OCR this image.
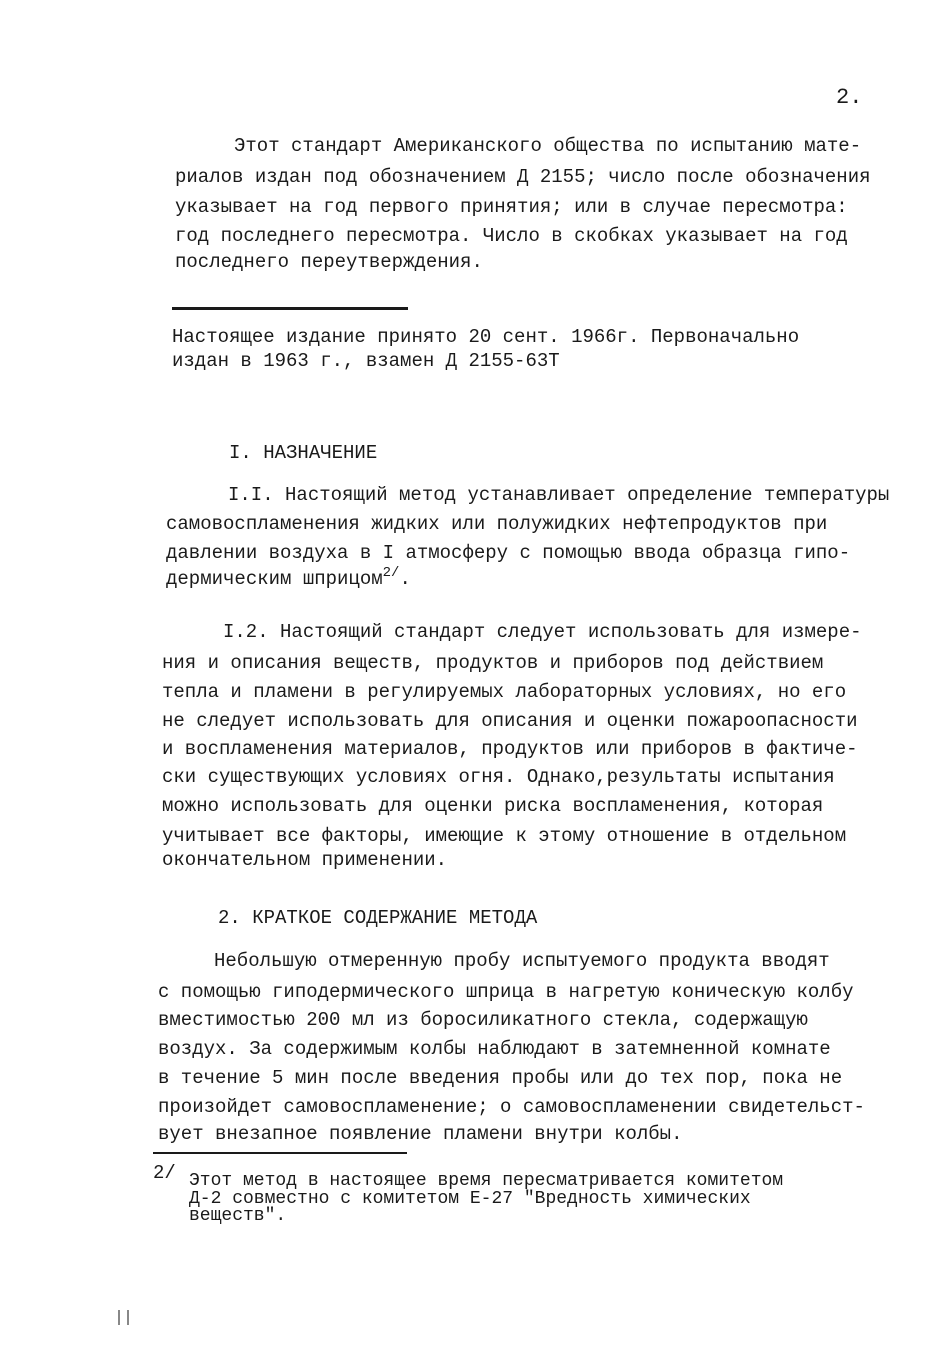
2.
Этот стандарт Американского общества по испытанию мате-
риалов издан под обозначением Д 2155; число после обозначения
указывает на год первого принятия; или в случае пересмотра:
год последнего пересмотра. Число в скобках указывает на год
последнего переутверждения.
Настоящее издание принято 20 сент. 1966г. Первоначально
издан в 1963 г., взамен Д 2155-63Т
I. НАЗНАЧЕНИЕ
I.I. Настоящий метод устанавливает определение температуры
самовоспламенения жидких или полужидких нефтепродуктов при
давлении воздуха в I атмосферу с помощью ввода образца гипо-
дермическим шприцом$^{2/}$.
I.2. Настоящий стандарт следует использовать для измере-
ния и описания веществ, продуктов и приборов под действием
тепла и пламени в регулируемых лабораторных условиях, но его
не следует использовать для описания и оценки пожароопасности
и воспламенения материалов, продуктов или приборов в фактиче-
ски существующих условиях огня. Однако,результаты испытания
можно использовать для оценки риска воспламенения, которая
учитывает все факторы, имеющие к этому отношение в отдельном
окончательном применении.
2. КРАТКОЕ СОДЕРЖАНИЕ МЕТОДА
Небольшую отмеренную пробу испытуемого продукта вводят
с помощью гиподермического шприца в нагретую коническую колбу
вместимостью 200 мл из боросиликатного стекла, содержащую
воздух. За содержимым колбы наблюдают в затемненной комнате
в течение 5 мин после введения пробы или до тех пор, пока не
произойдет самовоспламенение; о самовоспламенении свидетельст-
вует внезапное появление пламени внутри колбы.
2/ Этот метод в настоящее время пересматривается комитетом
Д-2 совместно с комитетом Е-27 "Вредность химических
веществ".
